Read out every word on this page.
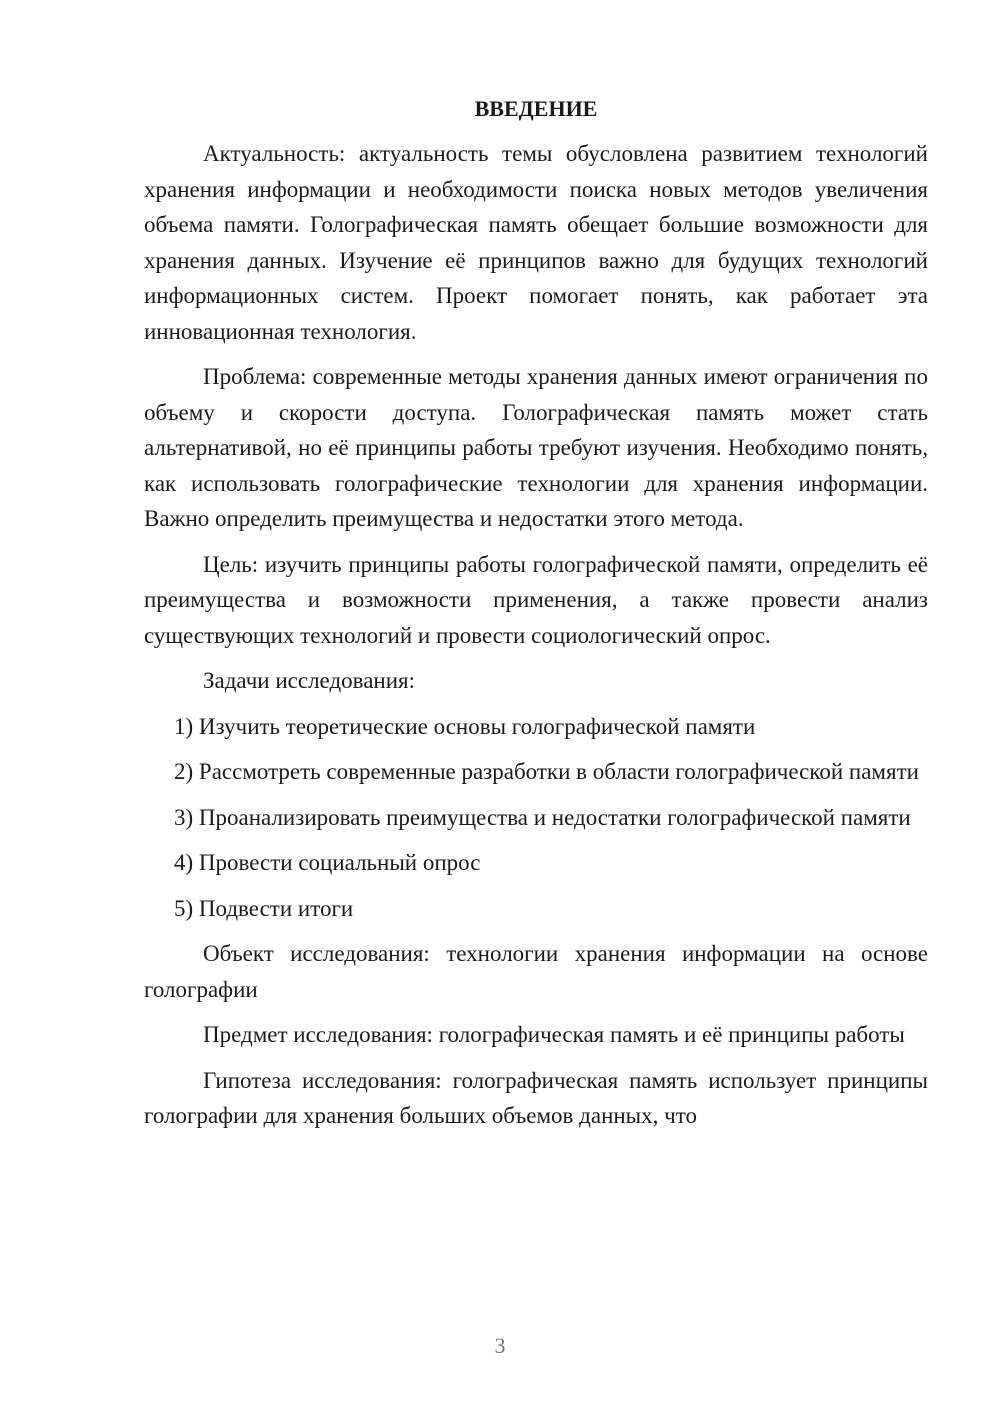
ВВЕДЕНИЕ

Актуальность: актуальность темы обусловлена развитием технологий хранения информации и необходимости поиска новых методов увеличения объема памяти. Голографическая память обещает большие возможности для хранения данных. Изучение её принципов важно для будущих технологий информационных систем. Проект помогает понять, как работает эта инновационная технология.

Проблема: современные методы хранения данных имеют ограничения по объему и скорости доступа. Голографическая память может стать альтернативой, но её принципы работы требуют изучения. Необходимо понять, как использовать голографические технологии для хранения информации. Важно определить преимущества и недостатки этого метода.

Цель: изучить принципы работы голографической памяти, определить её преимущества и возможности применения, а также провести анализ существующих технологий и провести социологический опрос.

Задачи исследования:

1) Изучить теоретические основы голографической памяти

2) Рассмотреть современные разработки в области голографической памяти

3) Проанализировать преимущества и недостатки голографической памяти

4) Провести социальный опрос

5) Подвести итоги

Объект исследования: технологии хранения информации на основе голографии

Предмет исследования: голографическая память и её принципы работы

Гипотеза исследования: голографическая память использует принципы голографии для хранения больших объемов данных, что

3
